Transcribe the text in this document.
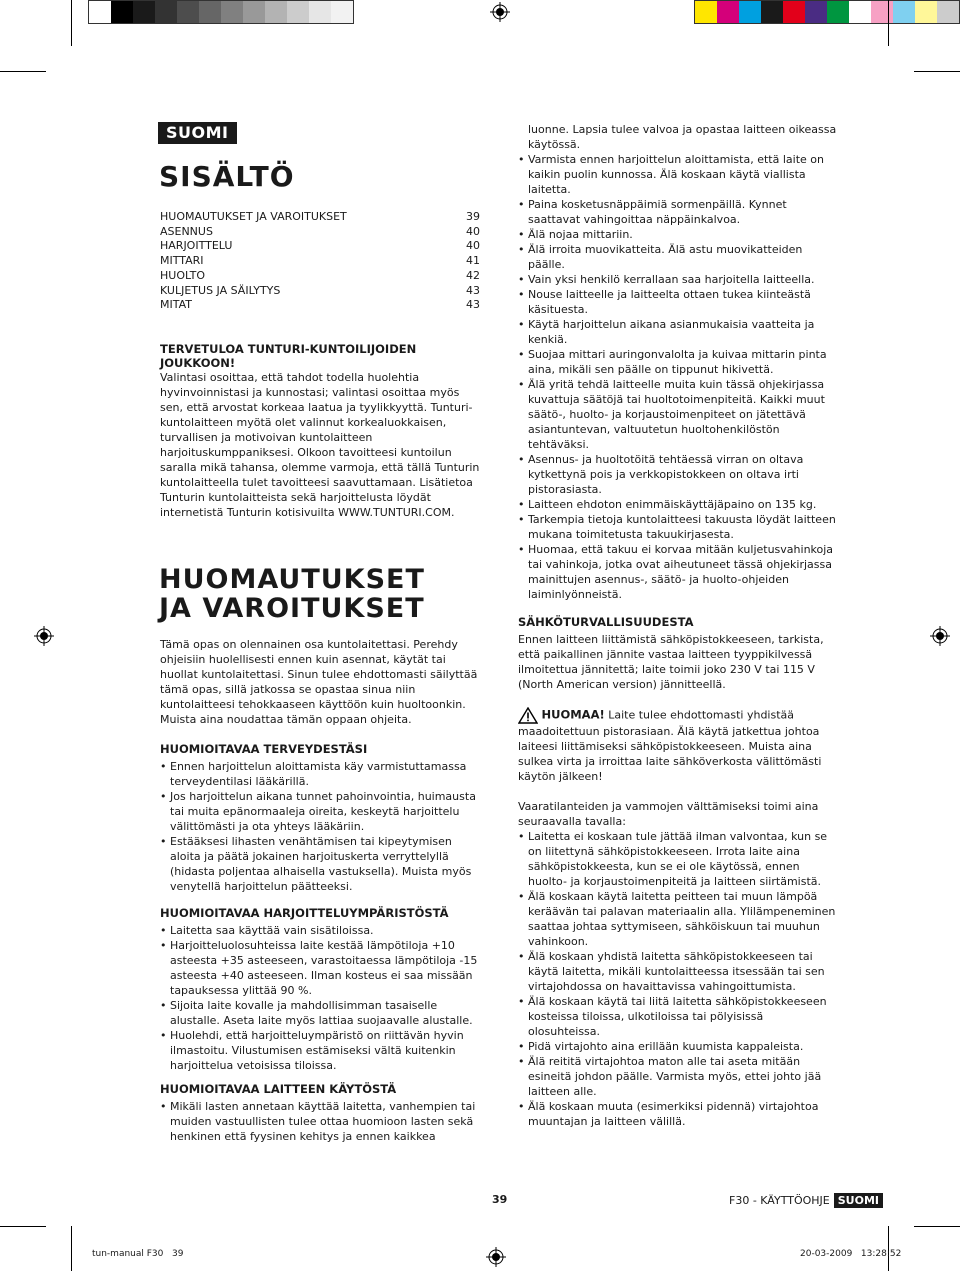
SUOMI
SISÄLTÖ
HUOMAUTUKSET JA VAROITUKSET	39
ASENNUS	40
HARJOITTELU	40
MITTARI	41
HUOLTO	42
KULJETUS JA SÄILYTYS	43
MITAT	43
TERVETULOA TUNTURI-KUNTOILIJOIDEN JOUKKOON!

Valintasi osoittaa, että tahdot todella huolehtia hyvinvoinnistasi ja kunnostasi; valintasi osoittaa myös sen, että arvostat korkeaa laatua ja tyylikkyyttä. Tunturi-kuntolaitteen myötä olet valinnut korkealuokkaisen, turvallisen ja motivoivan kuntolaitteen harjoituskumppaniksesi. Olkoon tavoitteesi kuntoilun saralla mikä tahansa, olemme varmoja, että tällä Tunturin kuntolaitteella tulet tavoitteesi saavuttamaan. Lisätietoa Tunturin kuntolaitteista sekä harjoittelusta löydät internetistä Tunturin kotisivuilta WWW.TUNTURI.COM.

HUOMAUTUKSET
JA VAROITUKSET

Tämä opas on olennainen osa kuntolaitettasi. Perehdy ohjeisiin huolellisesti ennen kuin asennat, käytät tai huollat kuntolaitettasi. Sinun tulee ehdottomasti säilyttää tämä opas, sillä jatkossa se opastaa sinua niin kuntolaitteesi tehokkaaseen käyttöön kuin huoltoonkin. Muista aina noudattaa tämän oppaan ohjeita.

HUOMIOITAVAA TERVEYDESTÄSI
• Ennen harjoittelun aloittamista käy varmistuttamassa terveydentilasi lääkärillä.
• Jos harjoittelun aikana tunnet pahoinvointia, huimausta tai muita epänormaaleja oireita, keskeytä harjoittelu välittömästi ja ota yhteys lääkäriin.
• Estääksesi lihasten venähtämisen tai kipeytymisen aloita ja päätä jokainen harjoituskerta verryttelyllä (hidasta poljentaa alhaisella vastuksella). Muista myös venytellä harjoittelun päätteeksi.
HUOMIOITAVAA HARJOITTELUYMPÄRISTÖSTÄ
• Laitetta saa käyttää vain sisätiloissa.
• Harjoitteluolosuhteissa laite kestää lämpötiloja +10 asteesta +35 asteeseen, varastoitaessa lämpötiloja -15 asteesta +40 asteeseen. Ilman kosteus ei saa missään tapauksessa ylittää 90 %.
• Sijoita laite kovalle ja mahdollisimman tasaiselle alustalle. Aseta laite myös lattiaa suojaavalle alustalle.
• Huolehdi, että harjoitteluympäristö on riittävän hyvin ilmastoitu. Vilustumisen estämiseksi vältä kuitenkin harjoittelua vetoisissa tiloissa.
HUOMIOITAVAA LAITTEEN KÄYTÖSTÄ
• Mikäli lasten annetaan käyttää laitetta, vanhempien tai muiden vastuullisten tulee ottaa huomioon lasten sekä henkinen että fyysinen kehitys ja ennen kaikkea

luonne. Lapsia tulee valvoa ja opastaa laitteen oikeassa käytössä.

• Varmista ennen harjoittelun aloittamista, että laite on kaikin puolin kunnossa. Älä koskaan käytä viallista laitetta.
• Paina kosketusnäppäimiä sormenpäillä. Kynnet saattavat vahingoittaa näppäinkalvoa.
• Älä nojaa mittariin.
• Älä irroita muovikatteita. Älä astu muovikatteiden päälle.
• Vain yksi henkilö kerrallaan saa harjoitella laitteella.
• Nouse laitteelle ja laitteelta ottaen tukea kiinteästä käsituesta.
• Käytä harjoittelun aikana asianmukaisia vaatteita ja kenkiä.
• Suojaa mittari auringonvalolta ja kuivaa mittarin pinta aina, mikäli sen päälle on tippunut hikivettä.
• Älä yritä tehdä laitteelle muita kuin tässä ohjekirjassa kuvattuja säätöjä tai huoltotoimenpiteitä. Kaikki muut säätö-, huolto- ja korjaustoimenpiteet on jätettävä asiantuntevan, valtuutetun huoltohenkilöstön tehtäväksi.
• Asennus- ja huoltotöitä tehtäessä virran on oltava kytkettynä pois ja verkkopistokkeen on oltava irti pistorasiasta.
• Laitteen ehdoton enimmäiskäyttäjäpaino on 135 kg.
• Tarkempia tietoja kuntolaitteesi takuusta löydät laitteen mukana toimitetusta takuukirjasesta.
• Huomaa, että takuu ei korvaa mitään kuljetusvahinkoja tai vahinkoja, jotka ovat aiheutuneet tässä ohjekirjassa mainittujen asennus-, säätö- ja huolto-ohjeiden laiminlyönneistä.
SÄHKÖTURVALLISUUDESTA

Ennen laitteen liittämistä sähköpistokkeeseen, tarkista, että paikallinen jännite vastaa laitteen tyyppikilvessä ilmoitettua jännitettä; laite toimii joko 230 V tai 115 V (North American version) jännitteellä.

HUOMAA! Laite tulee ehdottomasti yhdistää maadoitettuun pistorasiaan. Älä käytä jatkettua johtoa laiteesi liittämiseksi sähköpistokkeeseen. Muista aina sulkea virta ja irroittaa laite sähköverkosta välittömästi käytön jälkeen!

Vaaratilanteiden ja vammojen välttämiseksi toimi aina seuraavalla tavalla:

• Laitetta ei koskaan tule jättää ilman valvontaa, kun se on liitettynä sähköpistokkeeseen. Irrota laite aina sähköpistokkeesta, kun se ei ole käytössä, ennen huolto- ja korjaustoimenpiteitä ja laitteen siirtämistä.
• Älä koskaan käytä laitetta peitteen tai muun lämpöä keräävän tai palavan materiaalin alla. Ylilämpeneminen saattaa johtaa syttymiseen, sähköiskuun tai muuhun vahinkoon.
• Älä koskaan yhdistä laitetta sähköpistokkeeseen tai käytä laitetta, mikäli kuntolaitteessa itsessään tai sen virtajohdossa on havaittavissa vahingoittumista.
• Älä koskaan käytä tai liitä laitetta sähköpistokkeeseen kosteissa tiloissa, ulkotiloissa tai pölyisissä olosuhteissa.
• Pidä virtajohto aina erillään kuumista kappaleista.
• Älä reititä virtajohtoa maton alle tai aseta mitään esineitä johdon päälle. Varmista myös, ettei johto jää laitteen alle.
• Älä koskaan muuta (esimerkiksi pidennä) virtajohtoa muuntajan ja laitteen välillä.
39	F30 - KÄYTTÖOHJE SUOMI
tun-manual F30   39	20-03-2009   13:28:52
